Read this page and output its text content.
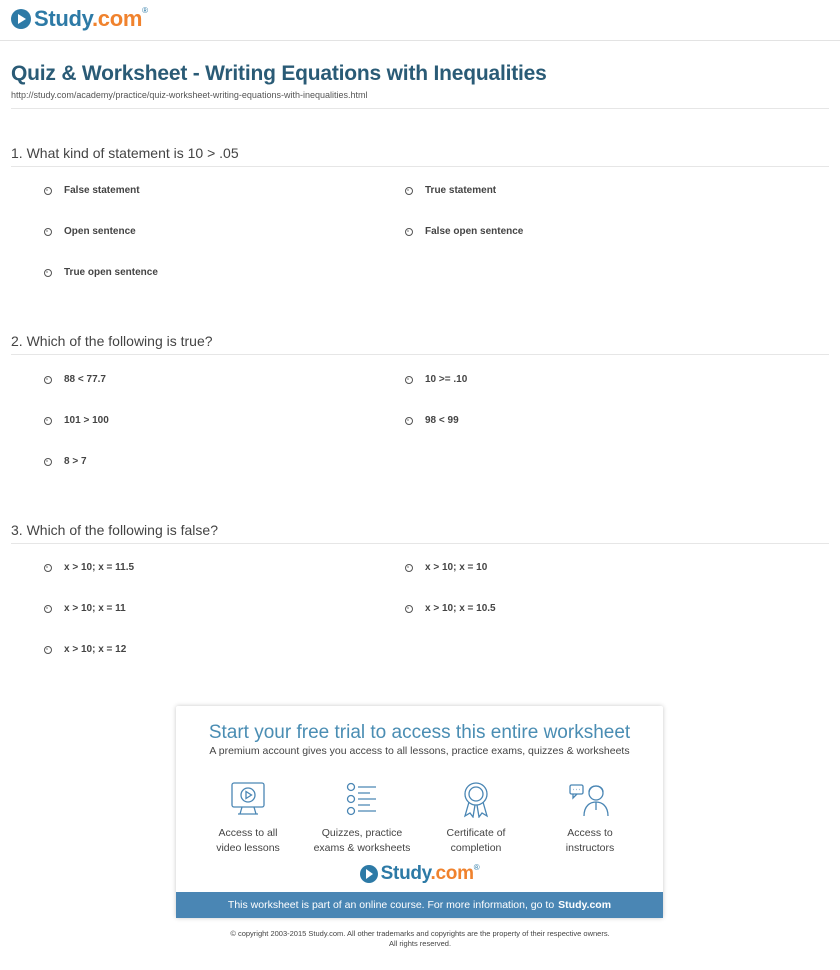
Study.com®
Quiz & Worksheet - Writing Equations with Inequalities
http://study.com/academy/practice/quiz-worksheet-writing-equations-with-inequalities.html
1. What kind of statement is 10 > .05
False statement	True statement
Open sentence	False open sentence
True open sentence
2. Which of the following is true?
88 < 77.7	10 >= .10
101 > 100	98 < 99
8 > 7
3. Which of the following is false?
x > 10; x = 11.5	x > 10; x = 10
x > 10; x = 11	x > 10; x = 10.5
x > 10; x = 12
Start your free trial to access this entire worksheet
A premium account gives you access to all lessons, practice exams, quizzes & worksheets
Access to all
video lessons
Quizzes, practice
exams & worksheets
Certificate of
completion
Access to
instructors
Study.com®
This worksheet is part of an online course. For more information, go to Study.com
© copyright 2003-2015 Study.com. All other trademarks and copyrights are the property of their respective owners.
All rights reserved.
